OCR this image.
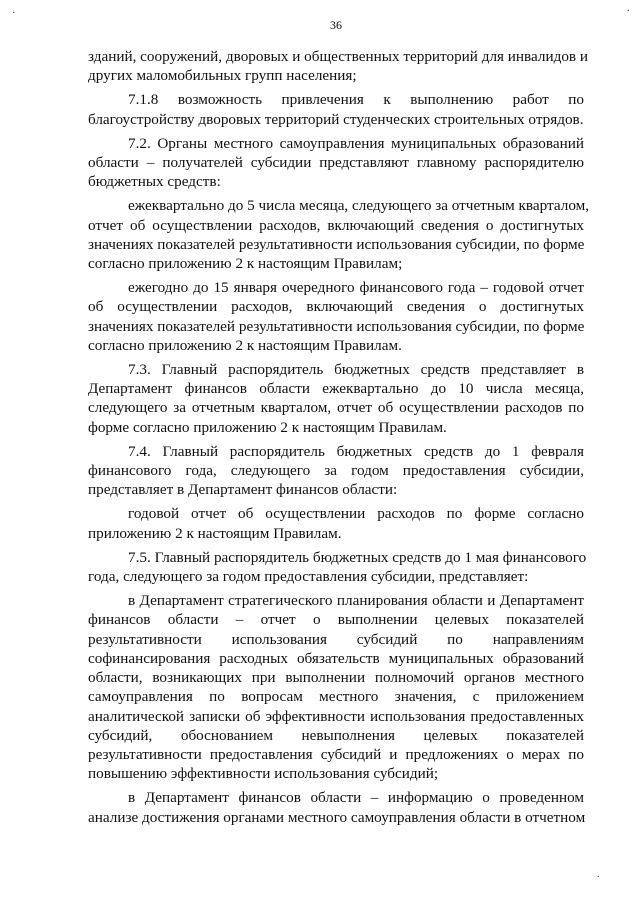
36
зданий, сооружений, дворовых и общественных территорий для инвалидов и
других маломобильных групп населения;
7.1.8 возможность привлечения к выполнению работ по
благоустройству дворовых территорий студенческих строительных отрядов.
7.2. Органы местного самоуправления муниципальных образований
области – получателей субсидии представляют главному распорядителю
бюджетных средств:
ежеквартально до 5 числа месяца, следующего за отчетным кварталом,
отчет об осуществлении расходов, включающий сведения о достигнутых
значениях показателей результативности использования субсидии, по форме
согласно приложению 2 к настоящим Правилам;
ежегодно до 15 января очередного финансового года – годовой отчет
об осуществлении расходов, включающий сведения о достигнутых
значениях показателей результативности использования субсидии, по форме
согласно приложению 2 к настоящим Правилам.
7.3. Главный распорядитель бюджетных средств представляет в
Департамент финансов области ежеквартально до 10 числа месяца,
следующего за отчетным кварталом, отчет об осуществлении расходов по
форме согласно приложению 2 к настоящим Правилам.
7.4. Главный распорядитель бюджетных средств до 1 февраля
финансового года, следующего за годом предоставления субсидии,
представляет в Департамент финансов области:
годовой отчет об осуществлении расходов по форме согласно
приложению 2 к настоящим Правилам.
7.5. Главный распорядитель бюджетных средств до 1 мая финансового
года, следующего за годом предоставления субсидии, представляет:
в Департамент стратегического планирования области и Департамент
финансов области – отчет о выполнении целевых показателей
результативности использования субсидий по направлениям
софинансирования расходных обязательств муниципальных образований
области, возникающих при выполнении полномочий органов местного
самоуправления по вопросам местного значения, с приложением
аналитической записки об эффективности использования предоставленных
субсидий, обоснованием невыполнения целевых показателей
результативности предоставления субсидий и предложениях о мерах по
повышению эффективности использования субсидий;
в Департамент финансов области – информацию о проведенном
анализе достижения органами местного самоуправления области в отчетном
·	·
·
